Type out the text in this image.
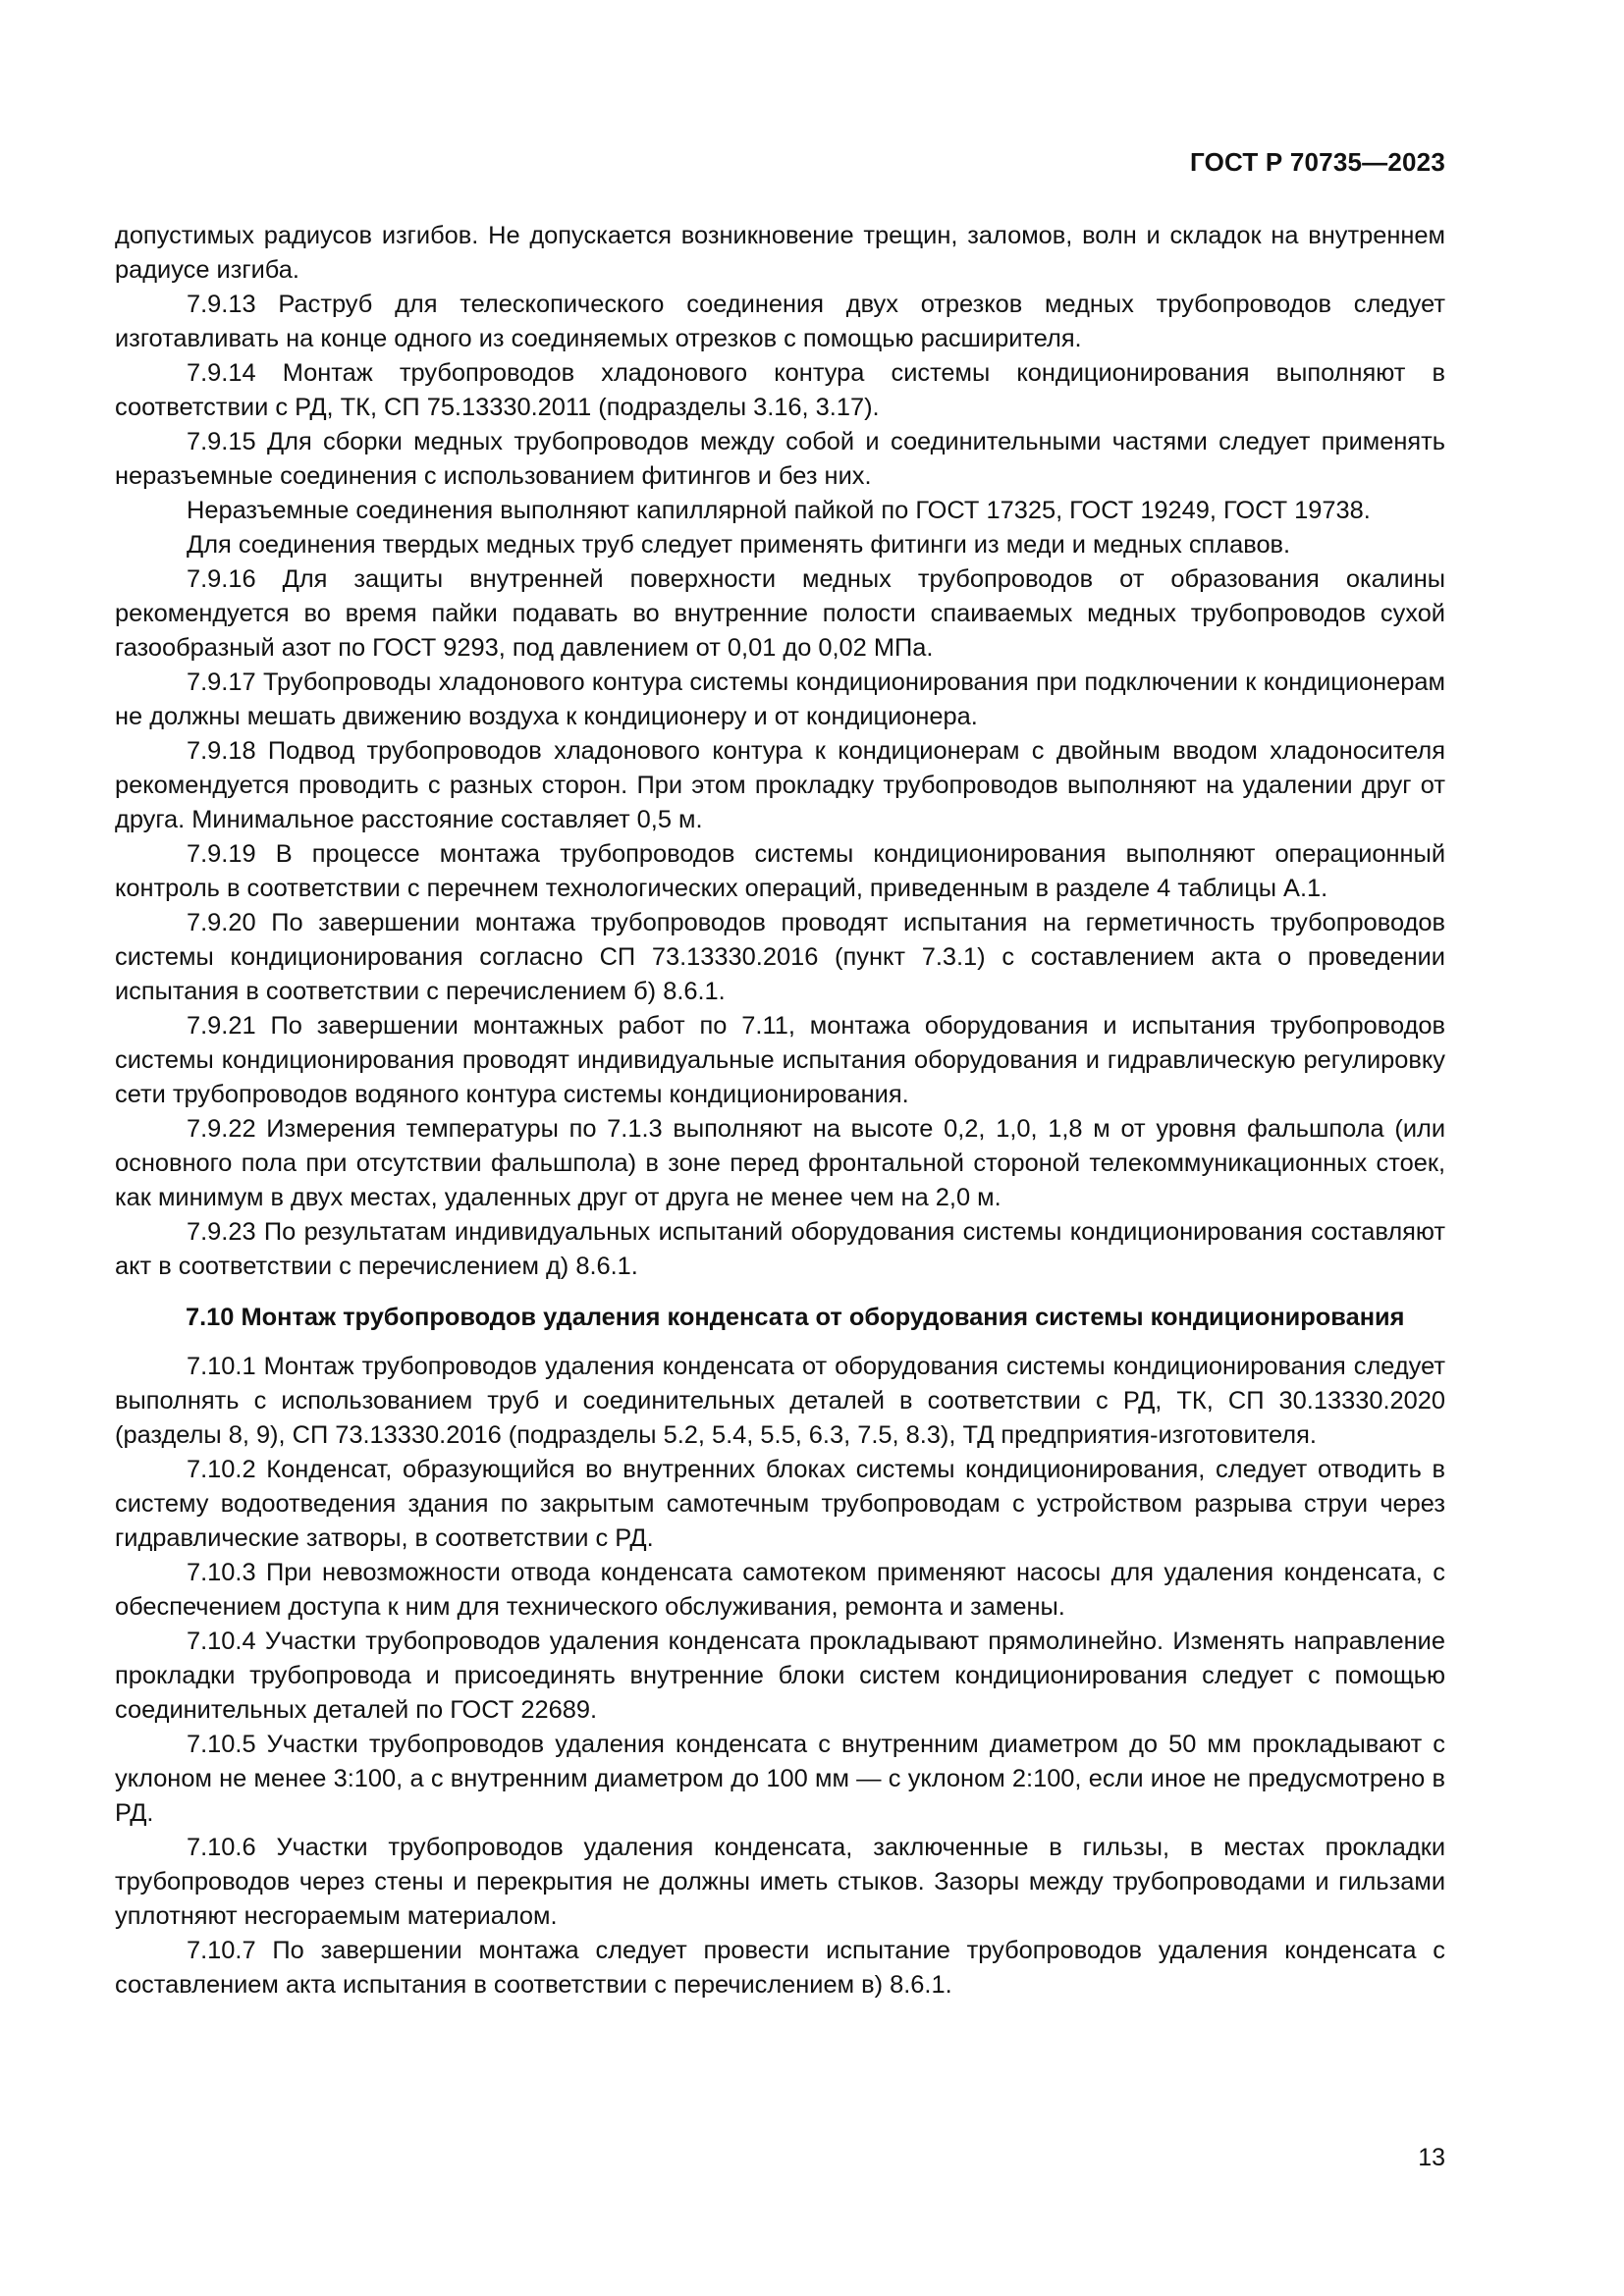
ГОСТ Р 70735—2023

допустимых радиусов изгибов. Не допускается возникновение трещин, заломов, волн и складок на внутреннем радиусе изгиба.

7.9.13 Раструб для телескопического соединения двух отрезков медных трубопроводов следует изготавливать на конце одного из соединяемых отрезков с помощью расширителя.

7.9.14 Монтаж трубопроводов хладонового контура системы кондиционирования выполняют в соответствии с РД, ТК, СП 75.13330.2011 (подразделы 3.16, 3.17).

7.9.15 Для сборки медных трубопроводов между собой и соединительными частями следует применять неразъемные соединения с использованием фитингов и без них.

Неразъемные соединения выполняют капиллярной пайкой по ГОСТ 17325, ГОСТ 19249, ГОСТ 19738.

Для соединения твердых медных труб следует применять фитинги из меди и медных сплавов.

7.9.16 Для защиты внутренней поверхности медных трубопроводов от образования окалины рекомендуется во время пайки подавать во внутренние полости спаиваемых медных трубопроводов сухой газообразный азот по ГОСТ 9293, под давлением от 0,01 до 0,02 МПа.

7.9.17 Трубопроводы хладонового контура системы кондиционирования при подключении к кондиционерам не должны мешать движению воздуха к кондиционеру и от кондиционера.

7.9.18 Подвод трубопроводов хладонового контура к кондиционерам с двойным вводом хладоносителя рекомендуется проводить с разных сторон. При этом прокладку трубопроводов выполняют на удалении друг от друга. Минимальное расстояние составляет 0,5 м.

7.9.19 В процессе монтажа трубопроводов системы кондиционирования выполняют операционный контроль в соответствии с перечнем технологических операций, приведенным в разделе 4 таблицы А.1.

7.9.20 По завершении монтажа трубопроводов проводят испытания на герметичность трубопроводов системы кондиционирования согласно СП 73.13330.2016 (пункт 7.3.1) с составлением акта о проведении испытания в соответствии с перечислением б) 8.6.1.

7.9.21 По завершении монтажных работ по 7.11, монтажа оборудования и испытания трубопроводов системы кондиционирования проводят индивидуальные испытания оборудования и гидравлическую регулировку сети трубопроводов водяного контура системы кондиционирования.

7.9.22 Измерения температуры по 7.1.3 выполняют на высоте 0,2, 1,0, 1,8 м от уровня фальшпола (или основного пола при отсутствии фальшпола) в зоне перед фронтальной стороной телекоммуникационных стоек, как минимум в двух местах, удаленных друг от друга не менее чем на 2,0 м.

7.9.23 По результатам индивидуальных испытаний оборудования системы кондиционирования составляют акт в соответствии с перечислением д) 8.6.1.

7.10 Монтаж трубопроводов удаления конденсата от оборудования системы кондиционирования

7.10.1 Монтаж трубопроводов удаления конденсата от оборудования системы кондиционирования следует выполнять с использованием труб и соединительных деталей в соответствии с РД, ТК, СП 30.13330.2020 (разделы 8, 9), СП 73.13330.2016 (подразделы 5.2, 5.4, 5.5, 6.3, 7.5, 8.3), ТД предприятия-изготовителя.

7.10.2 Конденсат, образующийся во внутренних блоках системы кондиционирования, следует отводить в систему водоотведения здания по закрытым самотечным трубопроводам с устройством разрыва струи через гидравлические затворы, в соответствии с РД.

7.10.3 При невозможности отвода конденсата самотеком применяют насосы для удаления конденсата, с обеспечением доступа к ним для технического обслуживания, ремонта и замены.

7.10.4 Участки трубопроводов удаления конденсата прокладывают прямолинейно. Изменять направление прокладки трубопровода и присоединять внутренние блоки систем кондиционирования следует с помощью соединительных деталей по ГОСТ 22689.

7.10.5 Участки трубопроводов удаления конденсата с внутренним диаметром до 50 мм прокладывают с уклоном не менее 3:100, а с внутренним диаметром до 100 мм — с уклоном 2:100, если иное не предусмотрено в РД.

7.10.6 Участки трубопроводов удаления конденсата, заключенные в гильзы, в местах прокладки трубопроводов через стены и перекрытия не должны иметь стыков. Зазоры между трубопроводами и гильзами уплотняют несгораемым материалом.

7.10.7 По завершении монтажа следует провести испытание трубопроводов удаления конденсата с составлением акта испытания в соответствии с перечислением в) 8.6.1.

13
